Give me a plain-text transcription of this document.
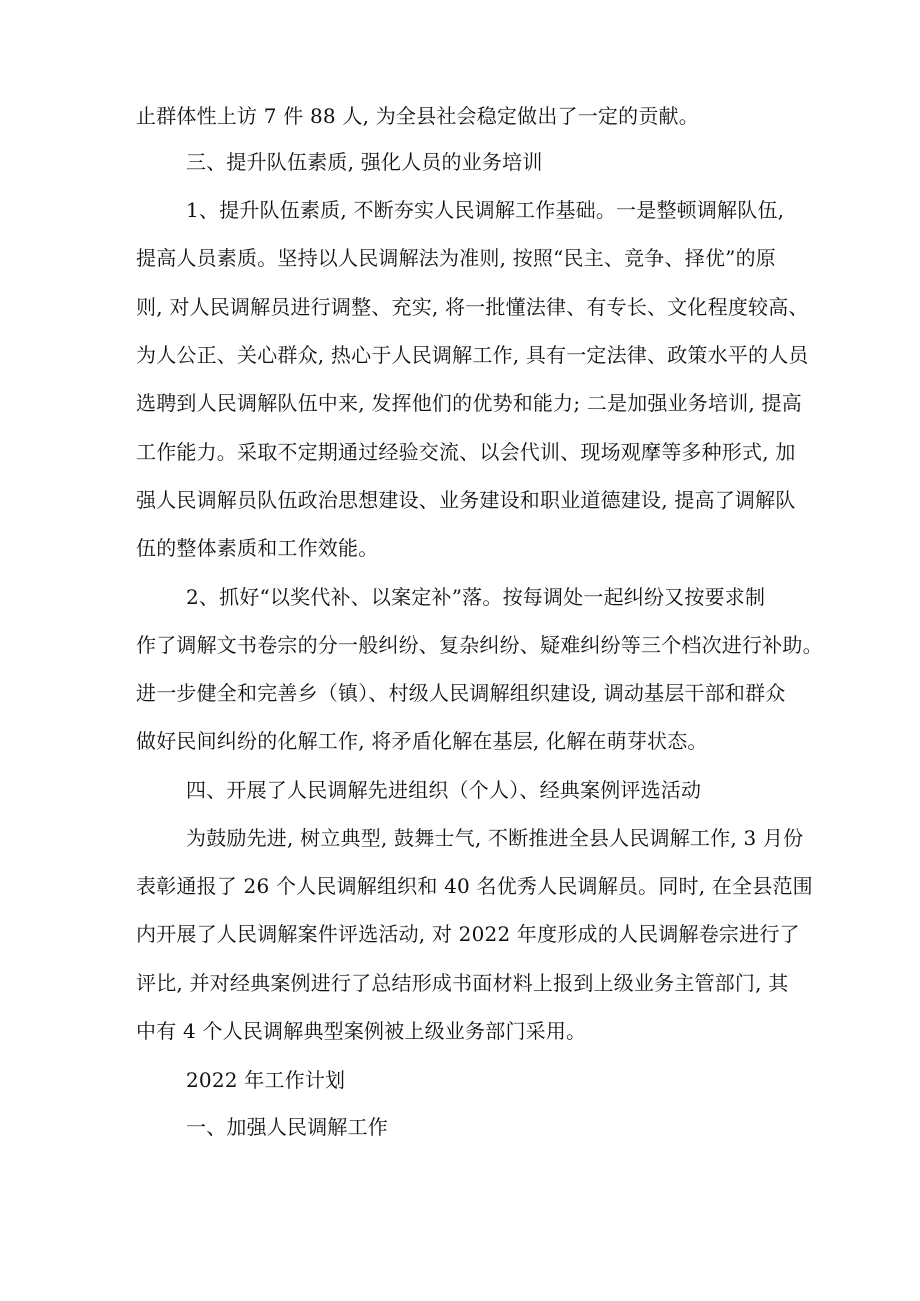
止群体性上访 7 件 88 人, 为全县社会稳定做出了一定的贡献。
三、提升队伍素质, 强化人员的业务培训
1、提升队伍素质, 不断夯实人民调解工作基础。一是整顿调解队伍,
提高人员素质。坚持以人民调解法为准则, 按照“民主、竞争、择优”的原
则, 对人民调解员进行调整、充实, 将一批懂法律、有专长、文化程度较高、
为人公正、关心群众, 热心于人民调解工作, 具有一定法律、政策水平的人员
选聘到人民调解队伍中来, 发挥他们的优势和能力; 二是加强业务培训, 提高
工作能力。采取不定期通过经验交流、以会代训、现场观摩等多种形式, 加
强人民调解员队伍政治思想建设、业务建设和职业道德建设, 提高了调解队
伍的整体素质和工作效能。
2、抓好“以奖代补、以案定补”落。按每调处一起纠纷又按要求制
作了调解文书卷宗的分一般纠纷、复杂纠纷、疑难纠纷等三个档次进行补助。
进一步健全和完善乡（镇）、村级人民调解组织建设, 调动基层干部和群众
做好民间纠纷的化解工作, 将矛盾化解在基层, 化解在萌芽状态。
四、开展了人民调解先进组织（个人）、经典案例评选活动
为鼓励先进, 树立典型, 鼓舞士气, 不断推进全县人民调解工作, 3 月份
表彰通报了 26 个人民调解组织和 40 名优秀人民调解员。同时, 在全县范围
内开展了人民调解案件评选活动, 对 2022 年度形成的人民调解卷宗进行了
评比, 并对经典案例进行了总结形成书面材料上报到上级业务主管部门, 其
中有 4 个人民调解典型案例被上级业务部门采用。
2022 年工作计划
一、加强人民调解工作
